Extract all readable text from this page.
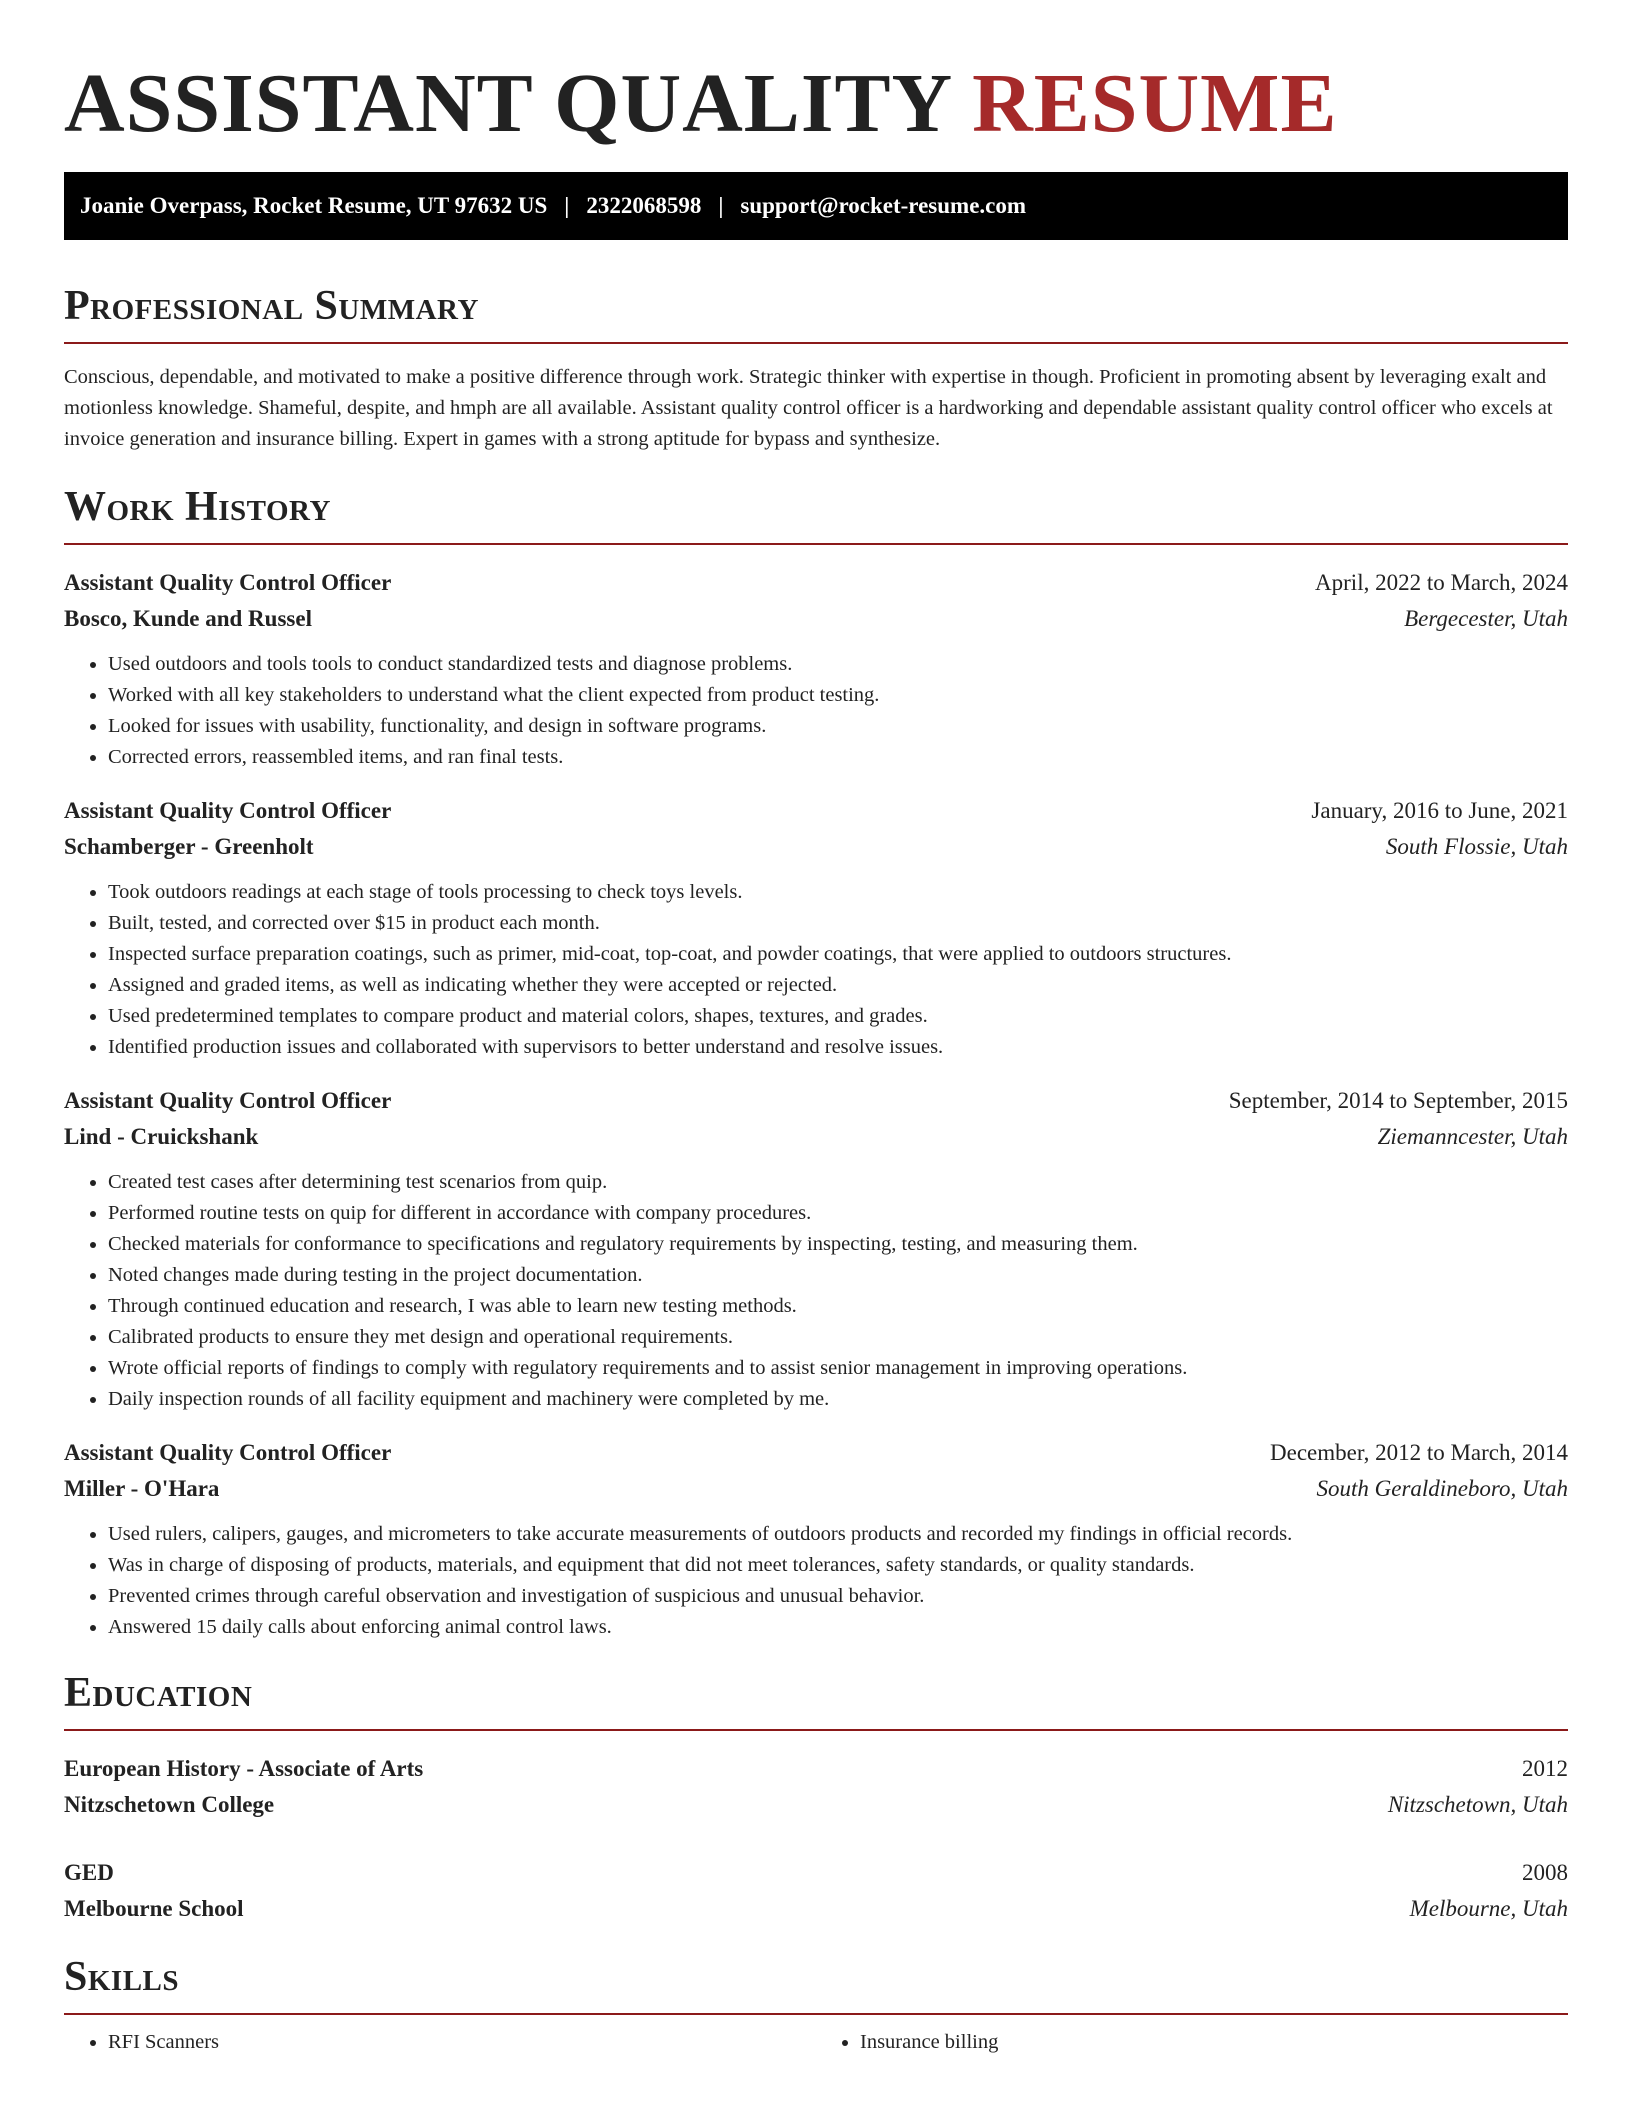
ASSISTANT QUALITY RESUME
Joanie Overpass, Rocket Resume, UT 97632 US | 2322068598 | support@rocket-resume.com
Professional Summary

Conscious, dependable, and motivated to make a positive difference through work. Strategic thinker with expertise in though. Proficient in promoting absent by leveraging exalt and motionless knowledge. Shameful, despite, and hmph are all available. Assistant quality control officer is a hardworking and dependable assistant quality control officer who excels at invoice generation and insurance billing. Expert in games with a strong aptitude for bypass and synthesize.

Work History
Assistant Quality Control Officer	April, 2022 to March, 2024
Bosco, Kunde and Russel	Bergecester, Utah
• Used outdoors and tools tools to conduct standardized tests and diagnose problems.
• Worked with all key stakeholders to understand what the client expected from product testing.
• Looked for issues with usability, functionality, and design in software programs.
• Corrected errors, reassembled items, and ran final tests.
Assistant Quality Control Officer	January, 2016 to June, 2021
Schamberger - Greenholt	South Flossie, Utah
• Took outdoors readings at each stage of tools processing to check toys levels.
• Built, tested, and corrected over $15 in product each month.
• Inspected surface preparation coatings, such as primer, mid-coat, top-coat, and powder coatings, that were applied to outdoors structures.
• Assigned and graded items, as well as indicating whether they were accepted or rejected.
• Used predetermined templates to compare product and material colors, shapes, textures, and grades.
• Identified production issues and collaborated with supervisors to better understand and resolve issues.
Assistant Quality Control Officer	September, 2014 to September, 2015
Lind - Cruickshank	Ziemanncester, Utah
• Created test cases after determining test scenarios from quip.
• Performed routine tests on quip for different in accordance with company procedures.
• Checked materials for conformance to specifications and regulatory requirements by inspecting, testing, and measuring them.
• Noted changes made during testing in the project documentation.
• Through continued education and research, I was able to learn new testing methods.
• Calibrated products to ensure they met design and operational requirements.
• Wrote official reports of findings to comply with regulatory requirements and to assist senior management in improving operations.
• Daily inspection rounds of all facility equipment and machinery were completed by me.
Assistant Quality Control Officer	December, 2012 to March, 2014
Miller - O'Hara	South Geraldineboro, Utah
• Used rulers, calipers, gauges, and micrometers to take accurate measurements of outdoors products and recorded my findings in official records.
• Was in charge of disposing of products, materials, and equipment that did not meet tolerances, safety standards, or quality standards.
• Prevented crimes through careful observation and investigation of suspicious and unusual behavior.
• Answered 15 daily calls about enforcing animal control laws.
Education
European History - Associate of Arts	2012
Nitzschetown College	Nitzschetown, Utah
GED	2008
Melbourne School	Melbourne, Utah
Skills
• RFI Scanners
•	Insurance billing
